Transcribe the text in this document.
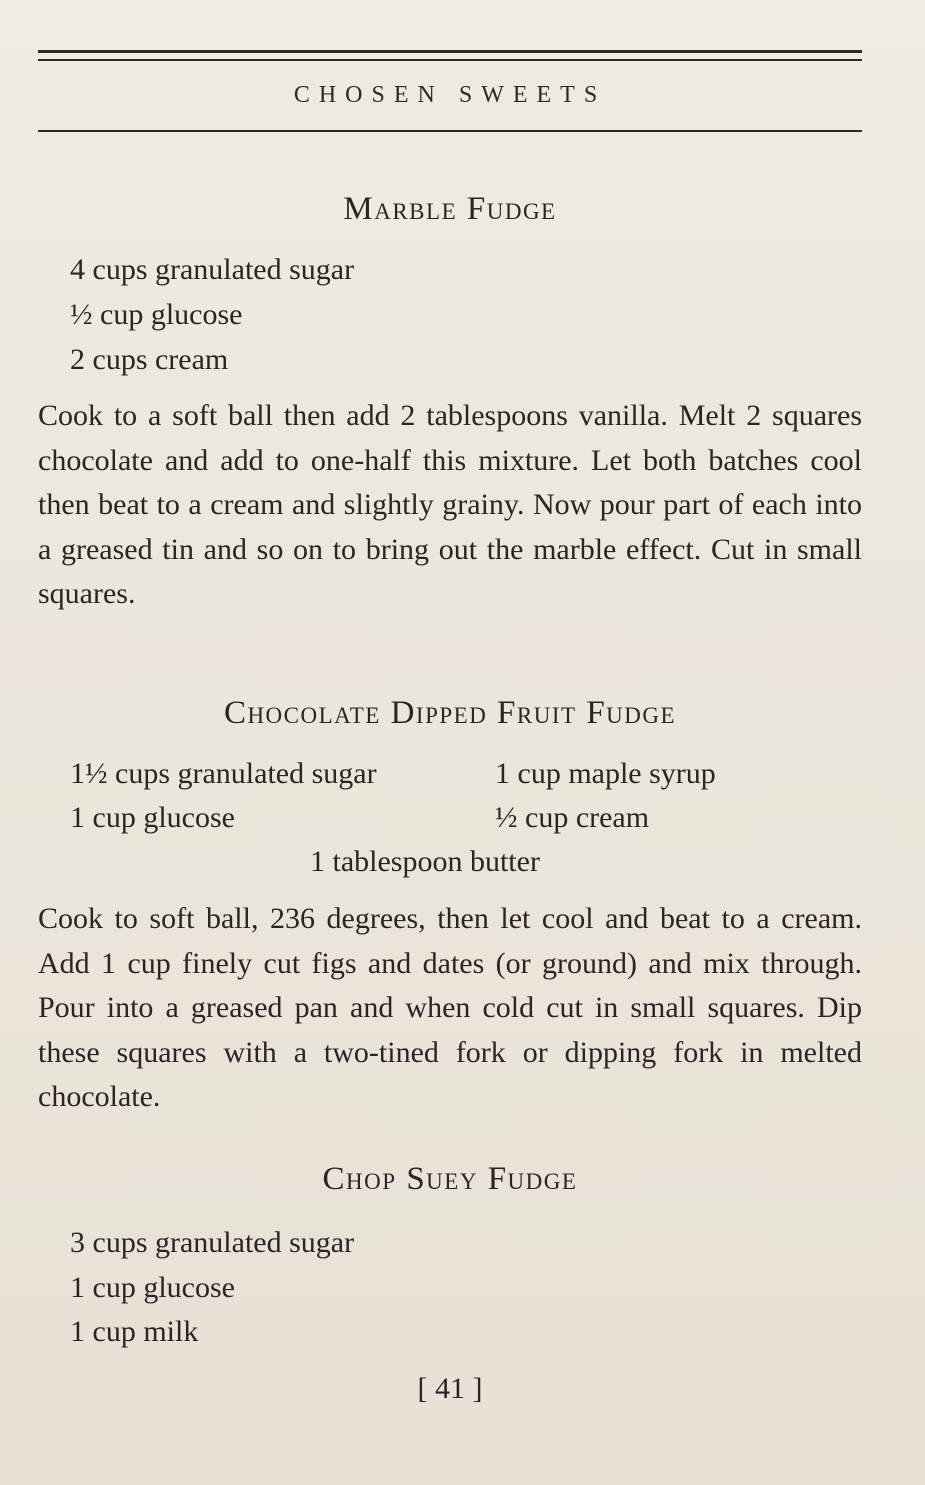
CHOSEN SWEETS
Marble Fudge
4 cups granulated sugar
½ cup glucose
2 cups cream
Cook to a soft ball then add 2 tablespoons vanilla. Melt 2 squares chocolate and add to one-half this mixture. Let both batches cool then beat to a cream and slightly grainy. Now pour part of each into a greased tin and so on to bring out the marble effect. Cut in small squares.
Chocolate Dipped Fruit Fudge
1½ cups granulated sugar
1 cup glucose
1 cup maple syrup
½ cup cream
1 tablespoon butter
Cook to soft ball, 236 degrees, then let cool and beat to a cream. Add 1 cup finely cut figs and dates (or ground) and mix through. Pour into a greased pan and when cold cut in small squares. Dip these squares with a two-tined fork or dipping fork in melted chocolate.
Chop Suey Fudge
3 cups granulated sugar
1 cup glucose
1 cup milk
[ 41 ]
